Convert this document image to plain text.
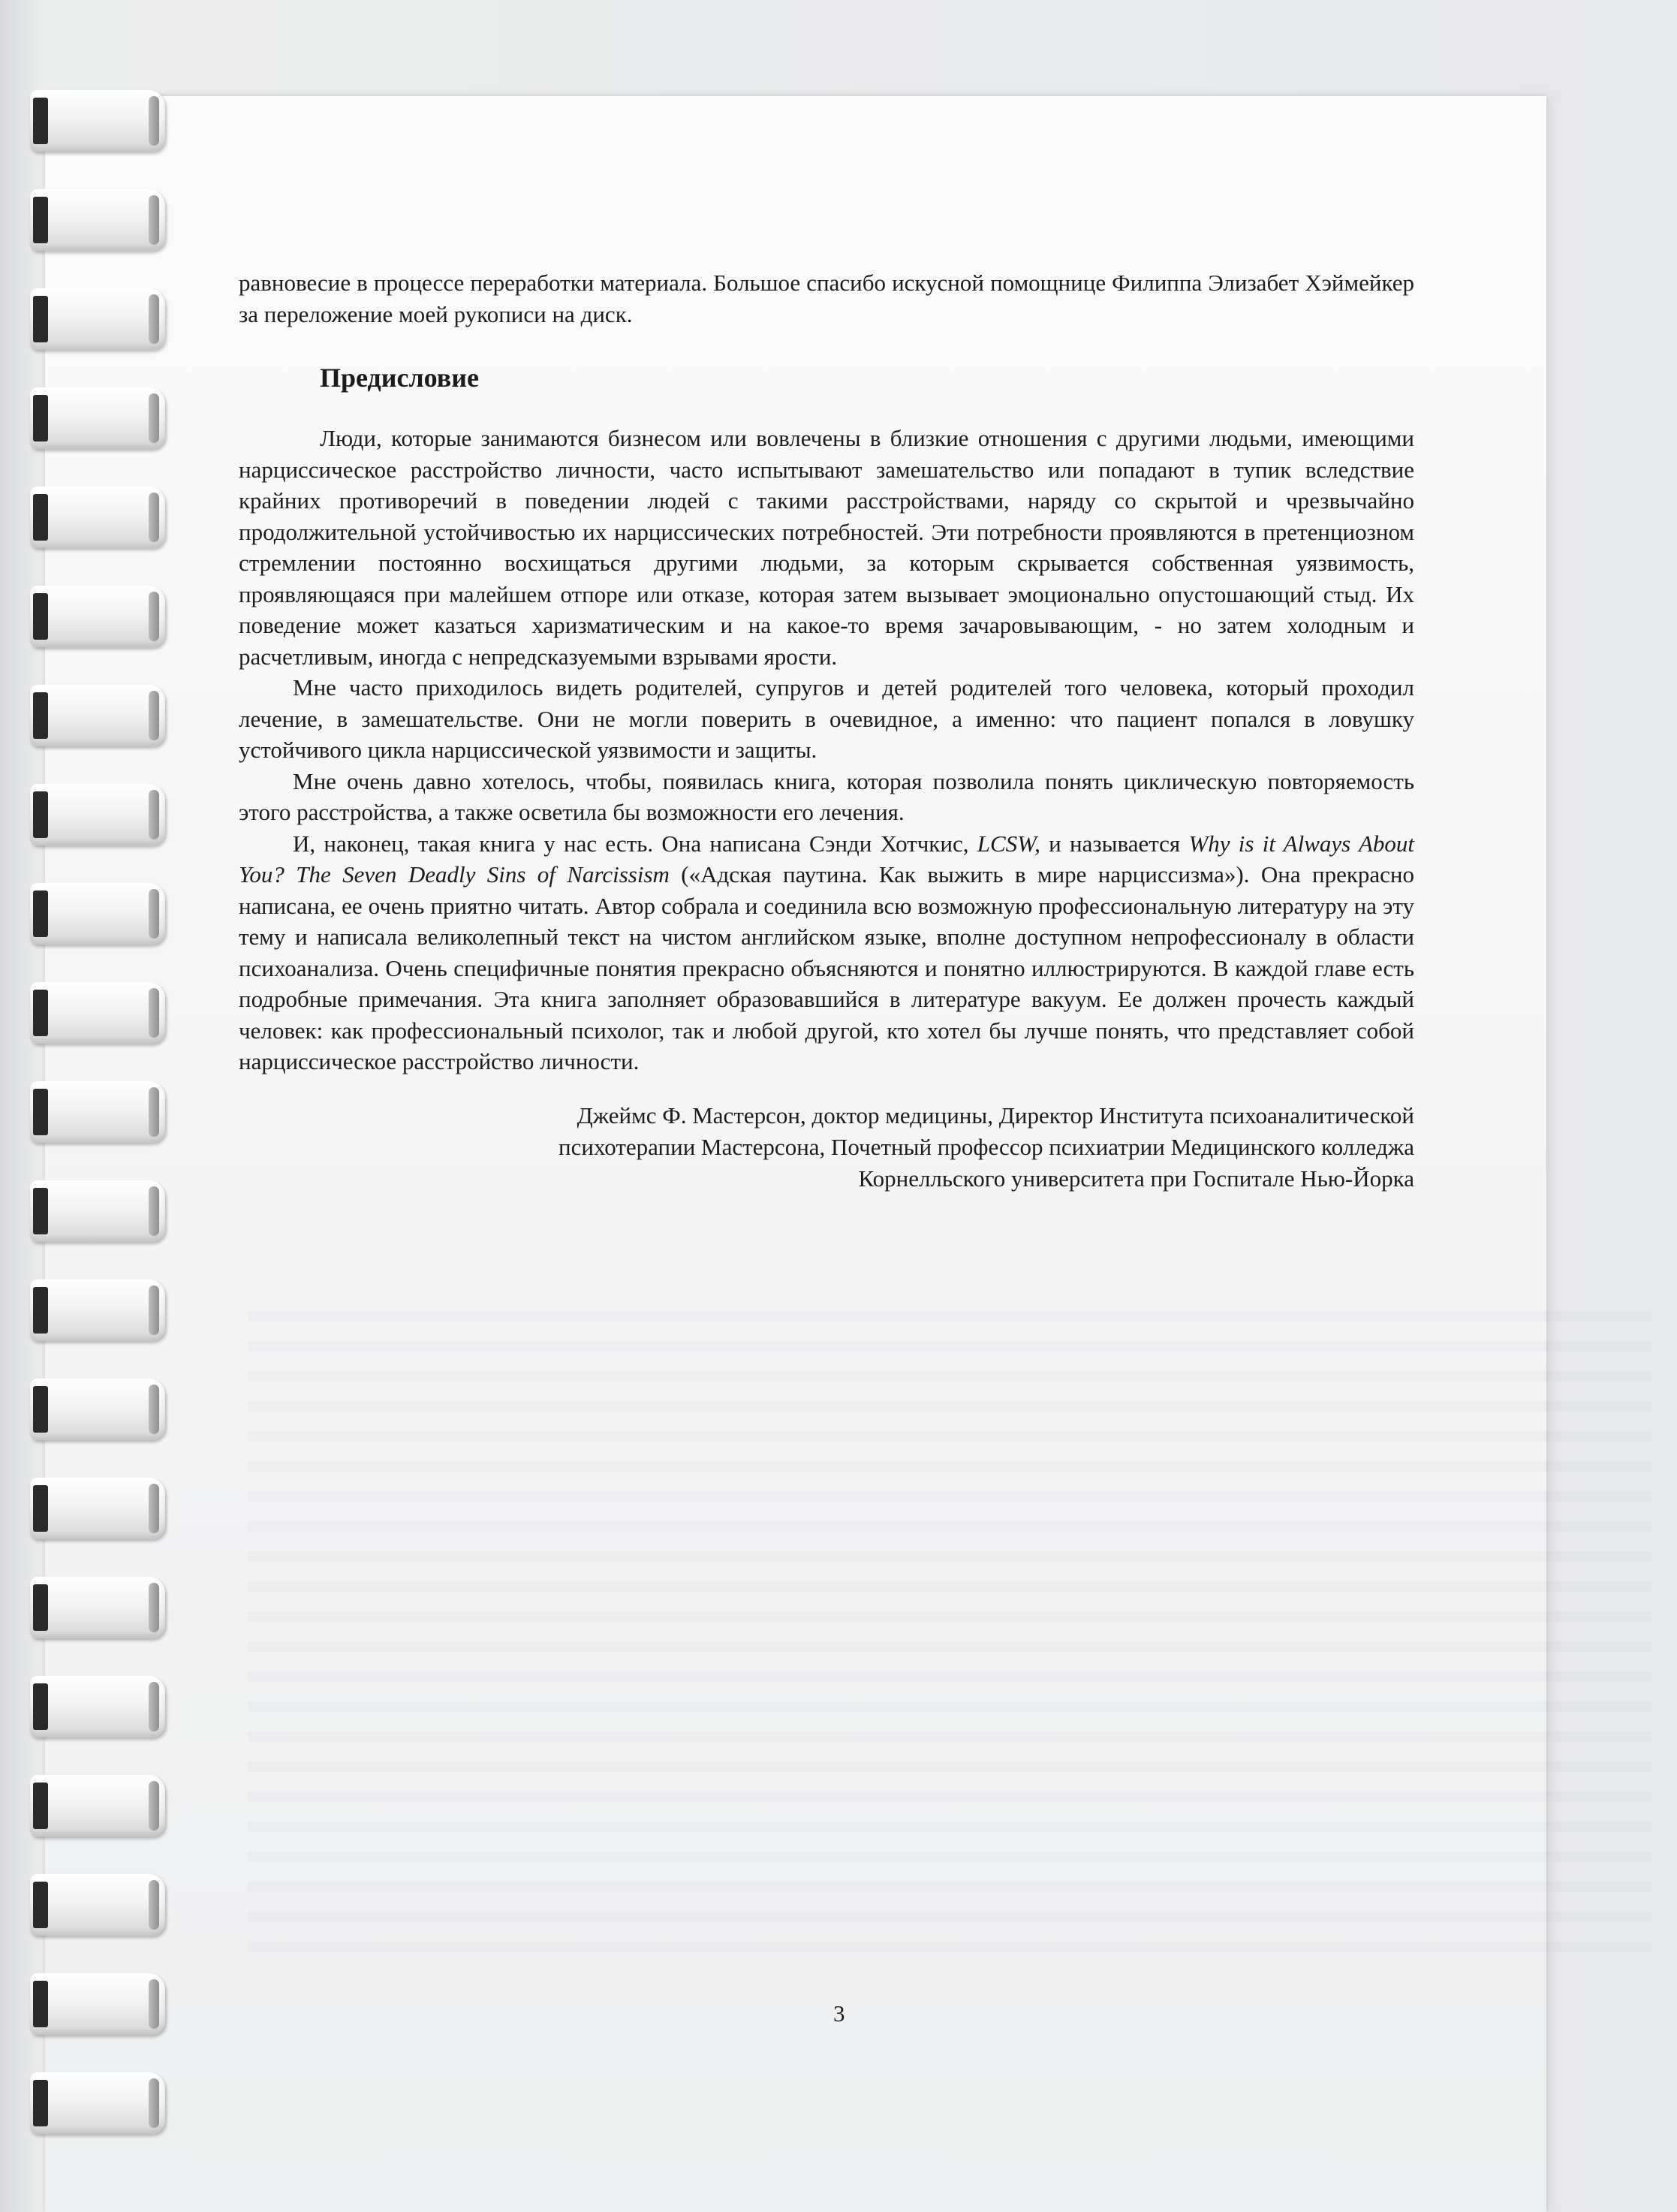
равновесие в процессе переработки материала. Большое спасибо искусной помощнице Филиппа Элизабет Хэймейкер за переложение моей рукописи на диск.

Предисловие

Люди, которые занимаются бизнесом или вовлечены в близкие отношения с другими людьми, имеющими нарциссическое расстройство личности, часто испытывают замешательство или попадают в тупик вследствие крайних противоречий в поведении людей с такими расстройствами, наряду со скрытой и чрезвычайно продолжительной устойчивостью их нарциссических потребностей. Эти потребности проявляются в претенциозном стремлении постоянно восхищаться другими людьми, за которым скрывается собственная уязвимость, проявляющаяся при малейшем отпоре или отказе, которая затем вызывает эмоционально опустошающий стыд. Их поведение может казаться харизматическим и на какое-то время зачаровывающим, - но затем холодным и расчетливым, иногда с непредсказуемыми взрывами ярости.

Мне часто приходилось видеть родителей, супругов и детей родителей того человека, который проходил лечение, в замешательстве. Они не могли поверить в очевидное, а именно: что пациент попался в ловушку устойчивого цикла нарциссической уязвимости и защиты.

Мне очень давно хотелось, чтобы, появилась книга, которая позволила понять циклическую повторяемость этого расстройства, а также осветила бы возможности его лечения.

И, наконец, такая книга у нас есть. Она написана Сэнди Хотчкис, LCSW, и называется Why is it Always About You? The Seven Deadly Sins of Narcissism («Адская паутина. Как выжить в мире нарциссизма»). Она прекрасно написана, ее очень приятно читать. Автор собрала и соединила всю возможную профессиональную литературу на эту тему и написала великолепный текст на чистом английском языке, вполне доступном непрофессионалу в области психоанализа. Очень специфичные понятия прекрасно объясняются и понятно иллюстрируются. В каждой главе есть подробные примечания. Эта книга заполняет образовавшийся в литературе вакуум. Ее должен прочесть каждый человек: как профессиональный психолог, так и любой другой, кто хотел бы лучше понять, что представляет собой нарциссическое расстройство личности.

Джеймс Ф. Мастерсон, доктор медицины, Директор Института психоаналитической
психотерапии Мастерсона, Почетный профессор психиатрии Медицинского колледжа
Корнелльского университета при Госпитале Нью-Йорка
3
